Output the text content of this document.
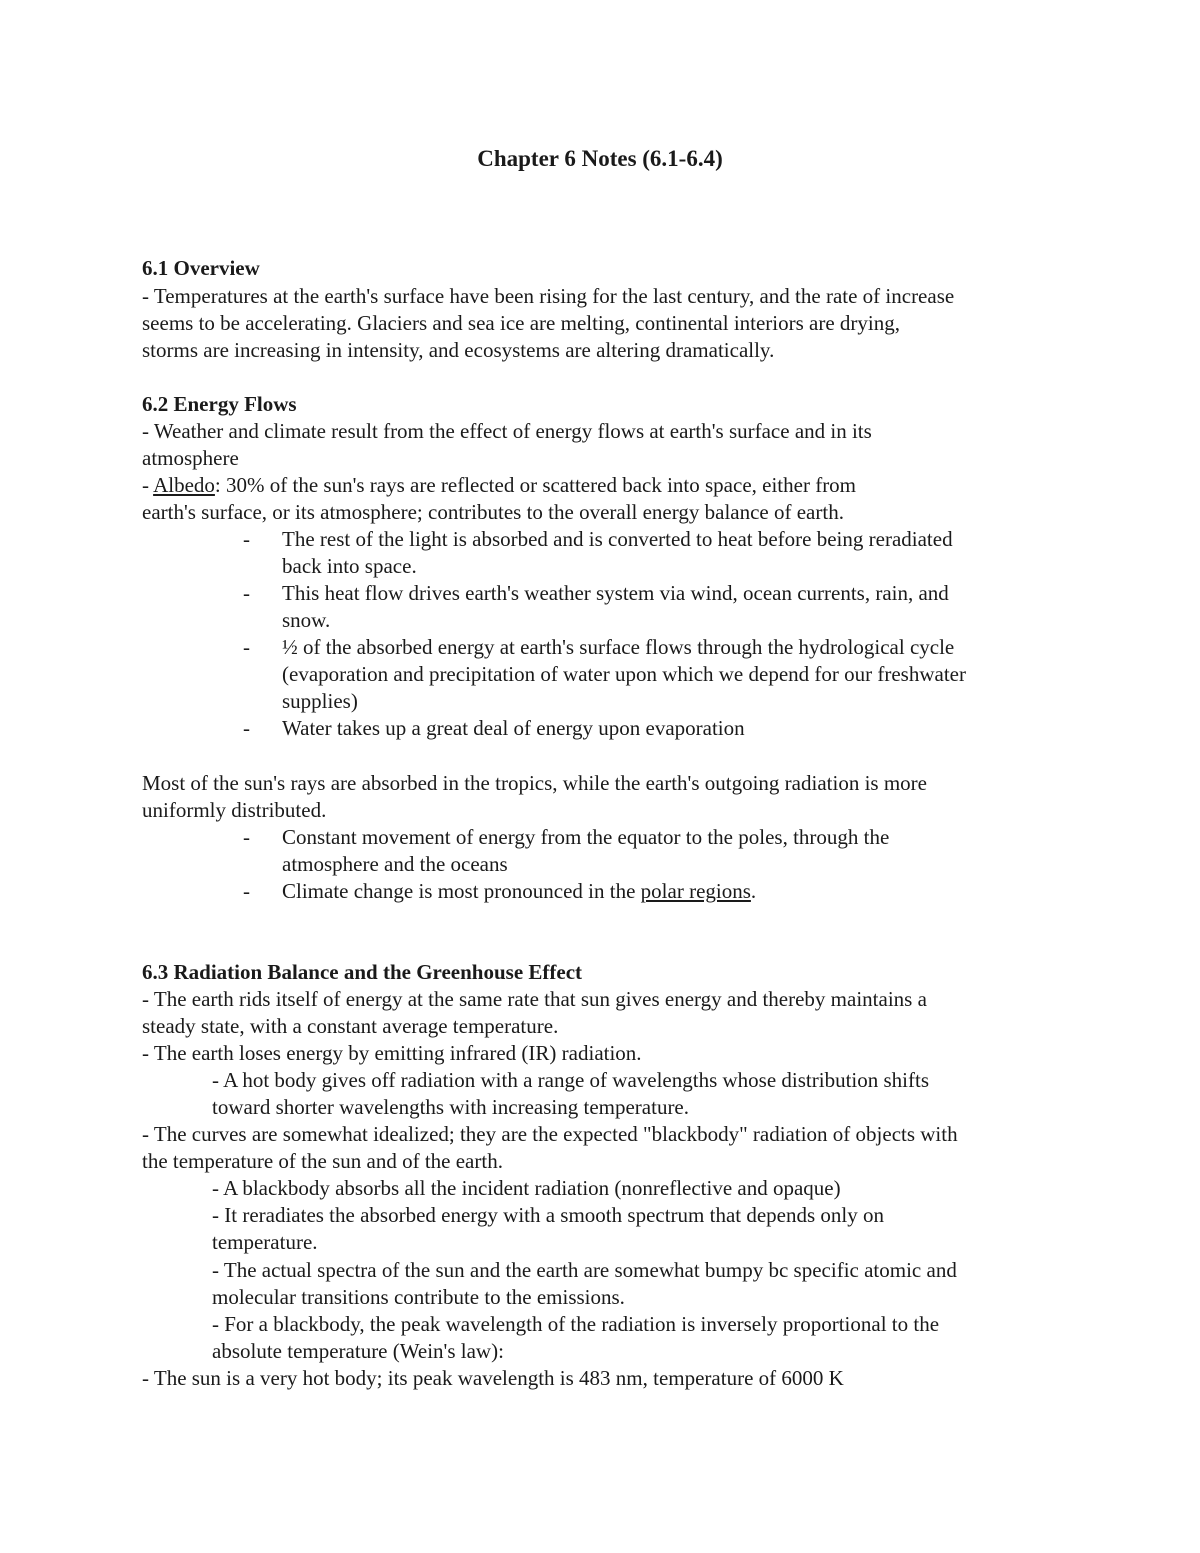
Chapter 6 Notes (6.1-6.4)
6.1 Overview
- Temperatures at the earth's surface have been rising for the last century, and the rate of increase
seems to be accelerating. Glaciers and sea ice are melting, continental interiors are drying,
storms are increasing in intensity, and ecosystems are altering dramatically.
6.2 Energy Flows
- Weather and climate result from the effect of energy flows at earth's surface and in its
atmosphere
- Albedo: 30% of the sun's rays are reflected or scattered back into space, either from
earth's surface, or its atmosphere; contributes to the overall energy balance of earth.
- The rest of the light is absorbed and is converted to heat before being reradiated
back into space.
- This heat flow drives earth's weather system via wind, ocean currents, rain, and
snow.
- ½ of the absorbed energy at earth's surface flows through the hydrological cycle
(evaporation and precipitation of water upon which we depend for our freshwater
supplies)
- Water takes up a great deal of energy upon evaporation
Most of the sun's rays are absorbed in the tropics, while the earth's outgoing radiation is more
uniformly distributed.
- Constant movement of energy from the equator to the poles, through the
atmosphere and the oceans
- Climate change is most pronounced in the polar regions.
6.3 Radiation Balance and the Greenhouse Effect
- The earth rids itself of energy at the same rate that sun gives energy and thereby maintains a
steady state, with a constant average temperature.
- The earth loses energy by emitting infrared (IR) radiation.
- A hot body gives off radiation with a range of wavelengths whose distribution shifts
toward shorter wavelengths with increasing temperature.
- The curves are somewhat idealized; they are the expected "blackbody" radiation of objects with
the temperature of the sun and of the earth.
- A blackbody absorbs all the incident radiation (nonreflective and opaque)
- It reradiates the absorbed energy with a smooth spectrum that depends only on
temperature.
- The actual spectra of the sun and the earth are somewhat bumpy bc specific atomic and
molecular transitions contribute to the emissions.
- For a blackbody, the peak wavelength of the radiation is inversely proportional to the
absolute temperature (Wein's law):
- The sun is a very hot body; its peak wavelength is 483 nm, temperature of 6000 K
